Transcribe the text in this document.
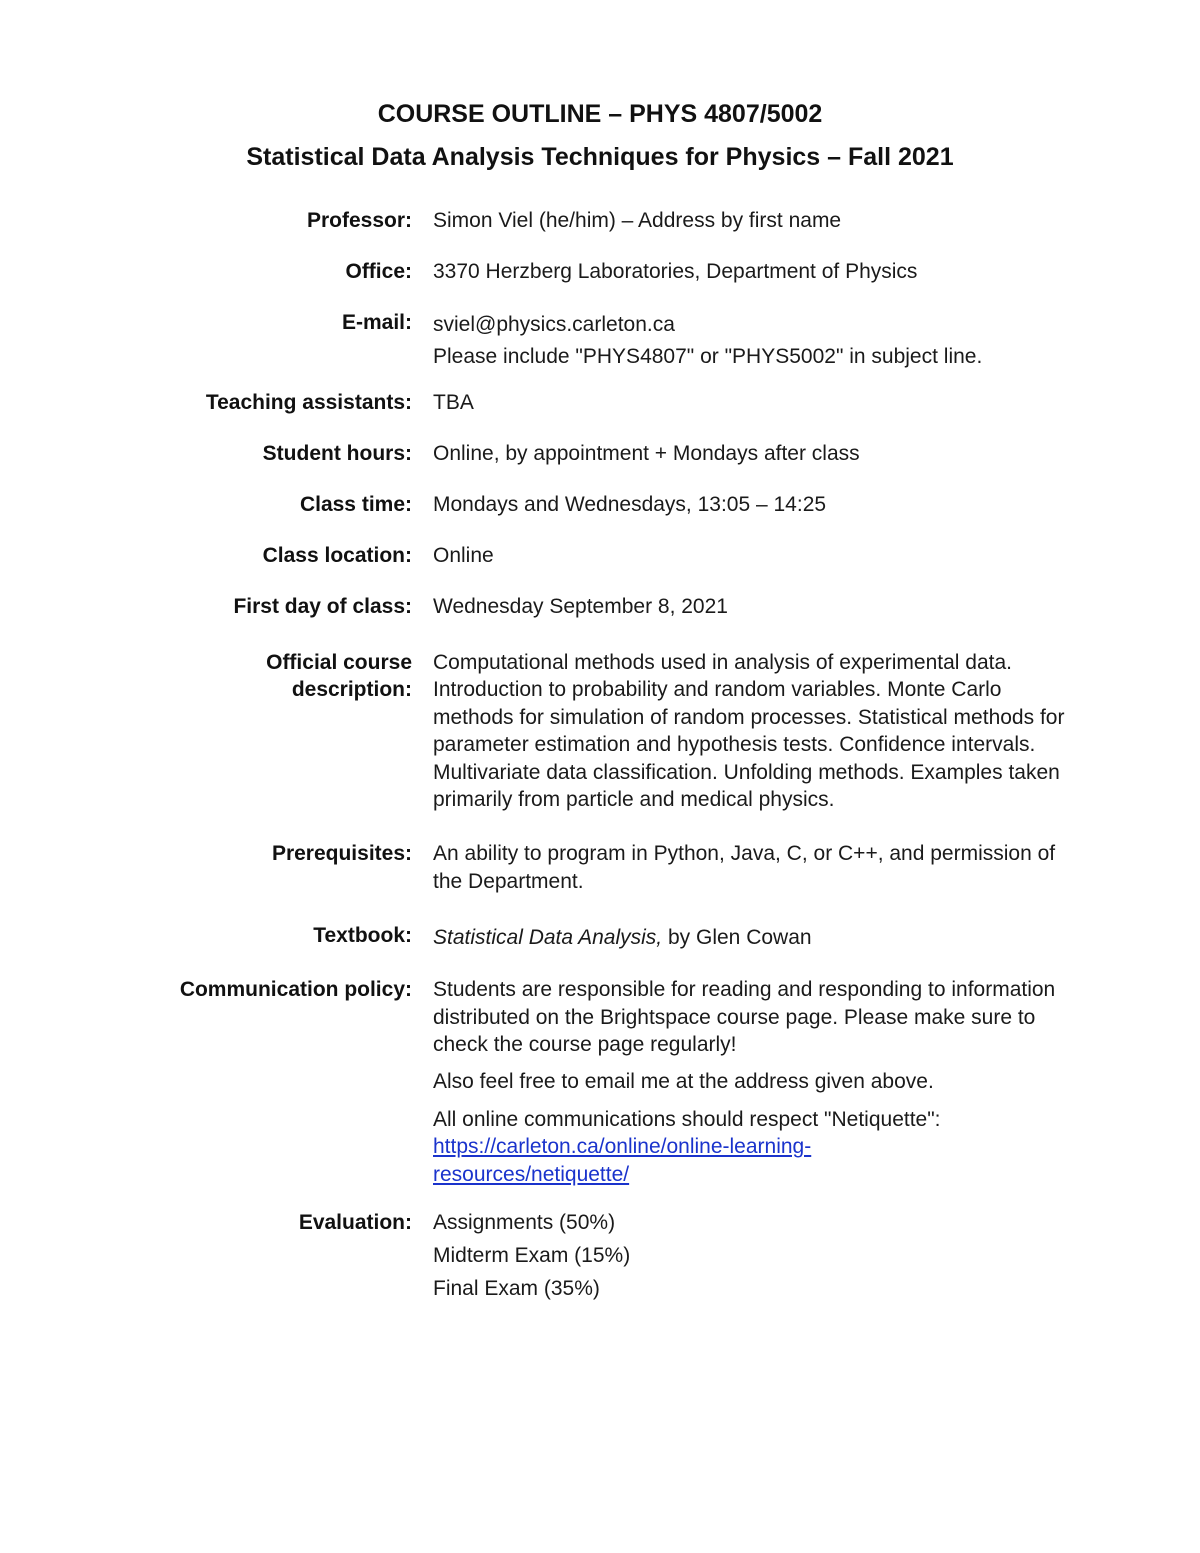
COURSE OUTLINE – PHYS 4807/5002
Statistical Data Analysis Techniques for Physics – Fall 2021
Professor: Simon Viel (he/him) – Address by first name
Office: 3370 Herzberg Laboratories, Department of Physics
E-mail: sviel@physics.carleton.ca

Please include "PHYS4807" or "PHYS5002" in subject line.

Teaching assistants: TBA
Student hours: Online, by appointment + Mondays after class
Class time: Mondays and Wednesdays, 13:05 – 14:25
Class location: Online
First day of class: Wednesday September 8, 2021
Official course
description:
Computational methods used in analysis of experimental data. Introduction to probability and random variables. Monte Carlo methods for simulation of random processes. Statistical methods for parameter estimation and hypothesis tests. Confidence intervals. Multivariate data classification. Unfolding methods. Examples taken primarily from particle and medical physics.
Prerequisites: An ability to program in Python, Java, C, or C++, and permission of the Department.
Textbook: Statistical Data Analysis, by Glen Cowan
Communication policy: Students are responsible for reading and responding to information distributed on the Brightspace course page. Please make sure to check the course page regularly!

Also feel free to email me at the address given above.

All online communications should respect "Netiquette":

https://carleton.ca/online/online-learning-
resources/netiquette/

Evaluation: Assignments (50%)

Midterm Exam (15%)

Final Exam (35%)
